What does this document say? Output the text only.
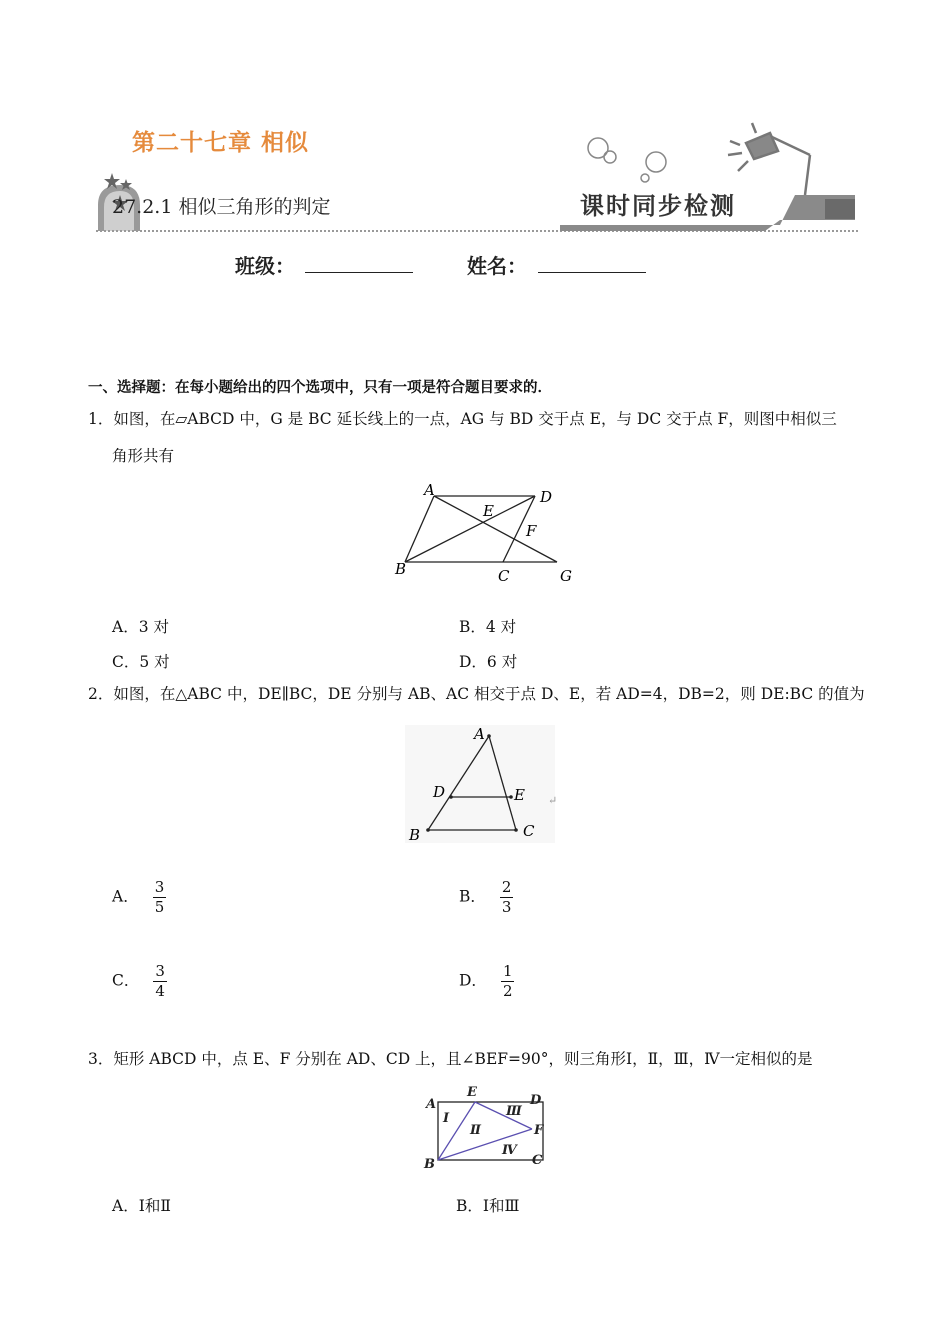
第二十七章 相似
27.2.1 相似三角形的判定	课时同步检测
班级：	姓名：
一、选择题：在每小题给出的四个选项中，只有一项是符合题目要求的．
1．如图，在▱ABCD 中，G 是 BC 延长线上的一点，AG 与 BD 交于点 E，与 DC 交于点 F，则图中相似三
角形共有
A	D
E
F
B	C	G
A．3 对	B．4 对
C．5 对	D．6 对
2．如图，在△ABC 中，DE∥BC，DE 分别与 AB、AC 相交于点 D、E，若 AD=4，DB=2，则 DE:BC 的值为
A
D	E
B	C
↵
A． $\frac{3}{5}$	B． $\frac{2}{3}$
C． $\frac{3}{4}$	D． $\frac{1}{2}$
3．矩形 ABCD 中，点 E、F 分别在 AD、CD 上，且∠BEF=90°，则三角形Ⅰ，Ⅱ，Ⅲ，Ⅳ一定相似的是
A
E
D
F
B	C
Ⅰ
Ⅱ
Ⅲ
Ⅳ
A．Ⅰ和Ⅱ	B．Ⅰ和Ⅲ
